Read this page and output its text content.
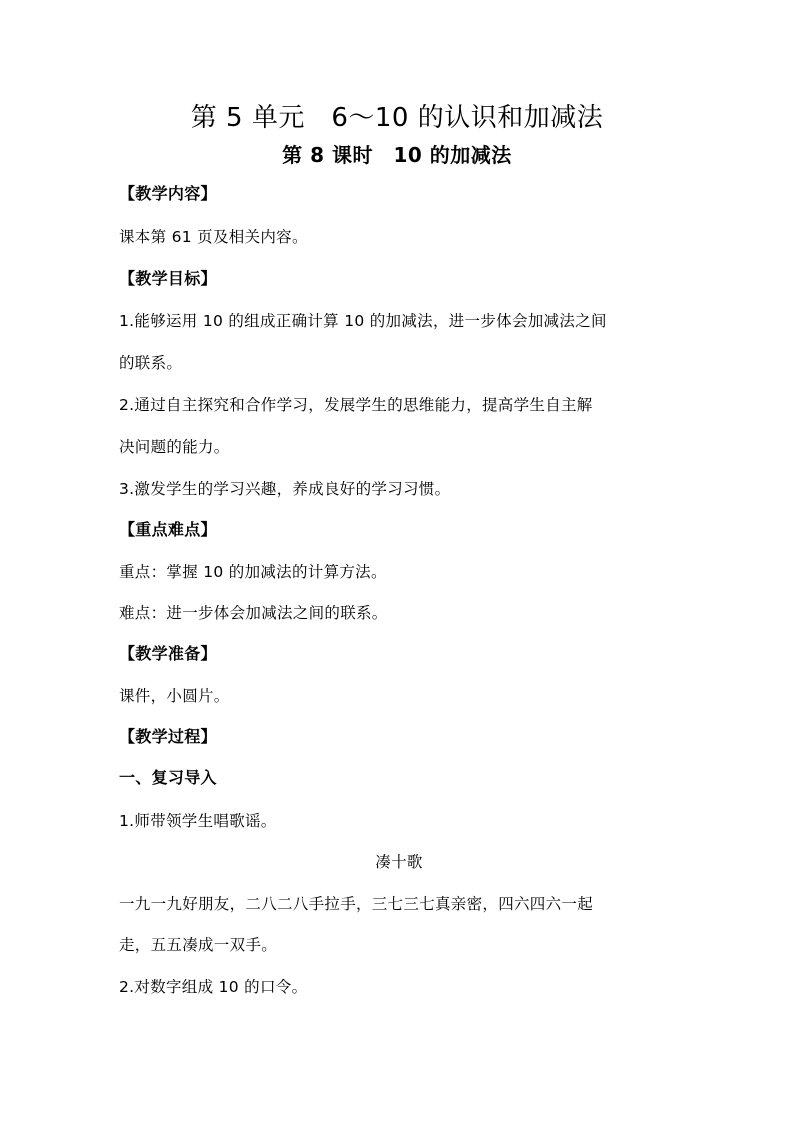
第 5 单元　6～10 的认识和加减法
第 8 课时　10 的加减法
【教学内容】
课本第 61 页及相关内容。
【教学目标】
1.能够运用 10 的组成正确计算 10 的加减法，进一步体会加减法之间
的联系。
2.通过自主探究和合作学习，发展学生的思维能力，提高学生自主解
决问题的能力。
3.激发学生的学习兴趣，养成良好的学习习惯。
【重点难点】
重点：掌握 10 的加减法的计算方法。
难点：进一步体会加减法之间的联系。
【教学准备】
课件，小圆片。
【教学过程】
一、复习导入
1.师带领学生唱歌谣。
凑十歌
一九一九好朋友，二八二八手拉手，三七三七真亲密，四六四六一起
走，五五凑成一双手。
2.对数字组成 10 的口令。
